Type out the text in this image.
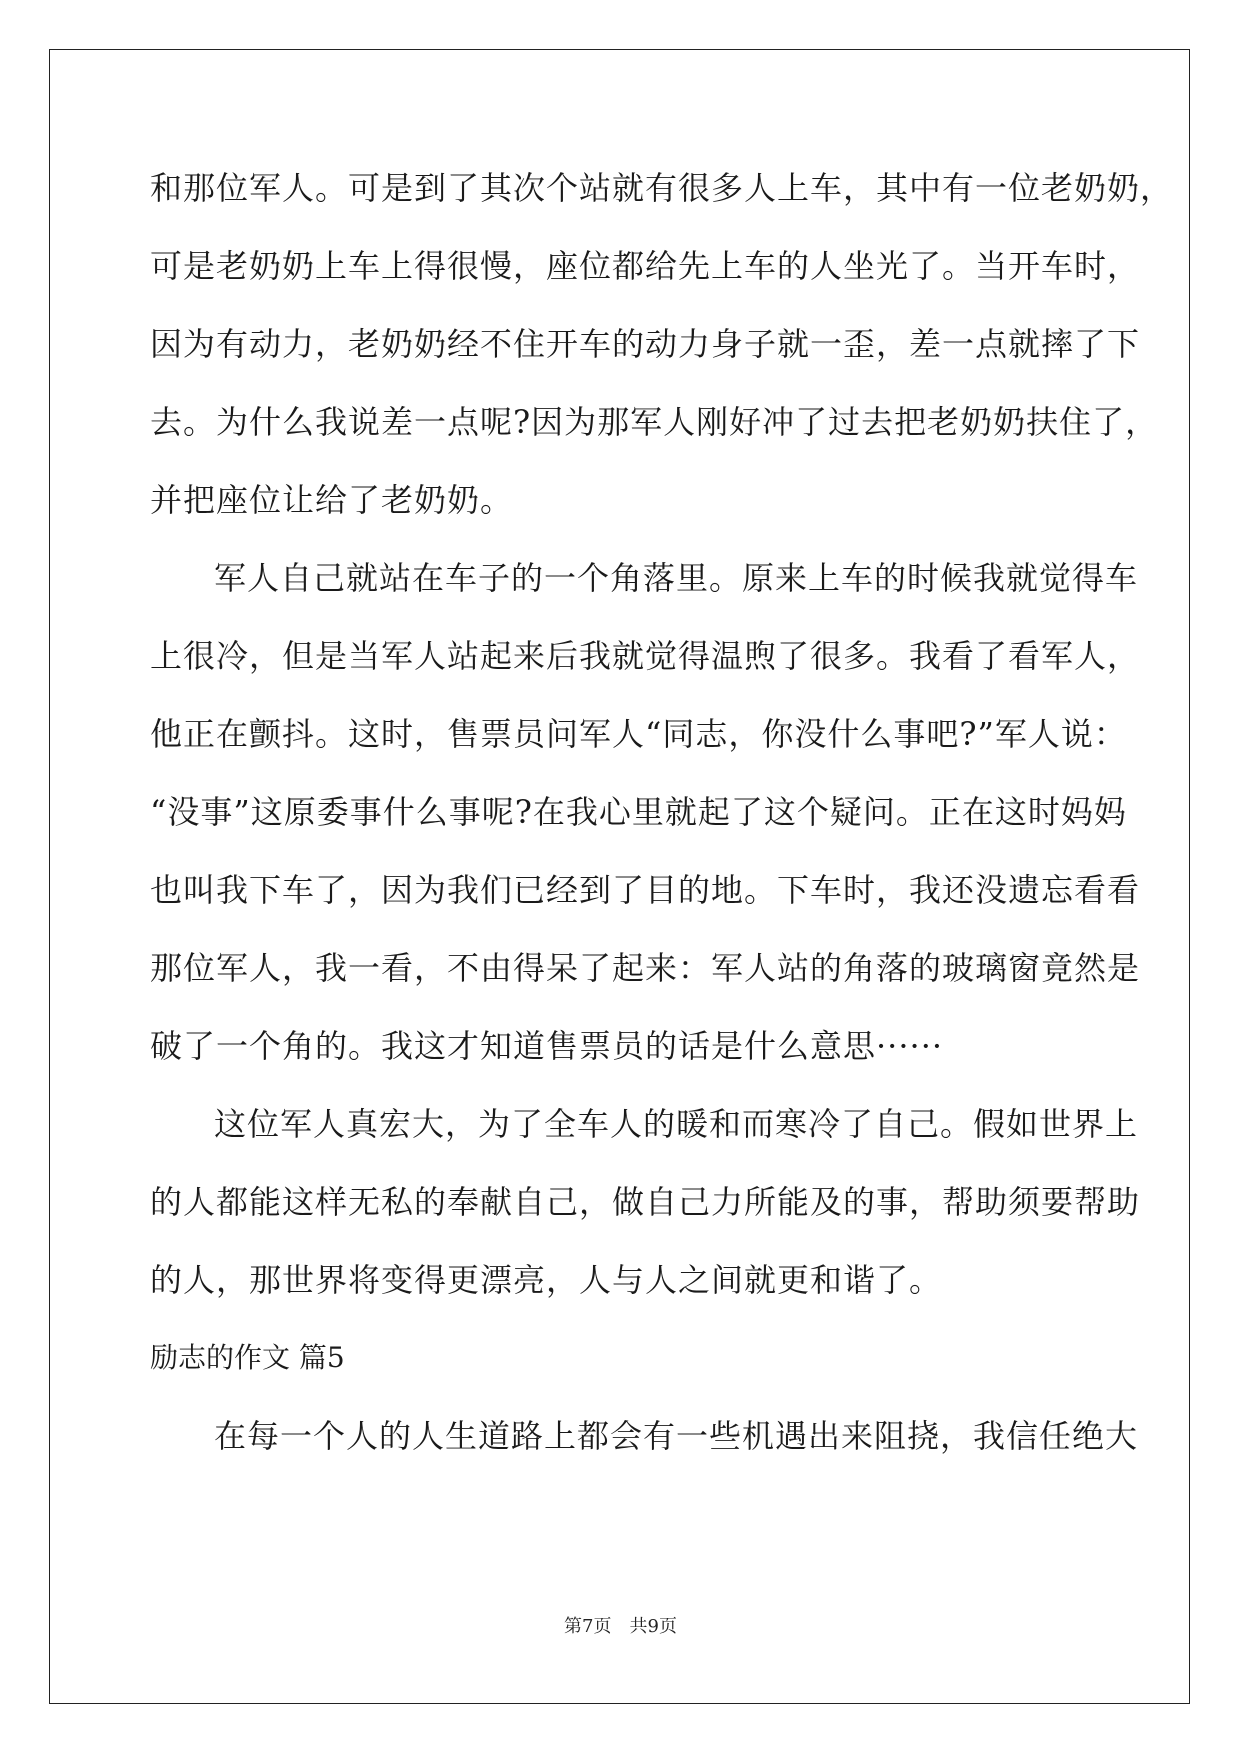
和那位军人。可是到了其次个站就有很多人上车，其中有一位老奶奶，
可是老奶奶上车上得很慢，座位都给先上车的人坐光了。当开车时，
因为有动力，老奶奶经不住开车的动力身子就一歪，差一点就摔了下
去。为什么我说差一点呢?因为那军人刚好冲了过去把老奶奶扶住了，
并把座位让给了老奶奶。
军人自己就站在车子的一个角落里。原来上车的时候我就觉得车
上很冷，但是当军人站起来后我就觉得温煦了很多。我看了看军人，
他正在颤抖。这时，售票员问军人“同志，你没什么事吧?”军人说：
“没事”这原委事什么事呢?在我心里就起了这个疑问。正在这时妈妈
也叫我下车了，因为我们已经到了目的地。下车时，我还没遗忘看看
那位军人，我一看，不由得呆了起来：军人站的角落的玻璃窗竟然是
破了一个角的。我这才知道售票员的话是什么意思······
这位军人真宏大，为了全车人的暖和而寒冷了自己。假如世界上
的人都能这样无私的奉献自己，做自己力所能及的事，帮助须要帮助
的人，那世界将变得更漂亮，人与人之间就更和谐了。
励志的作文 篇5
在每一个人的人生道路上都会有一些机遇出来阻挠，我信任绝大
第7页　共9页
